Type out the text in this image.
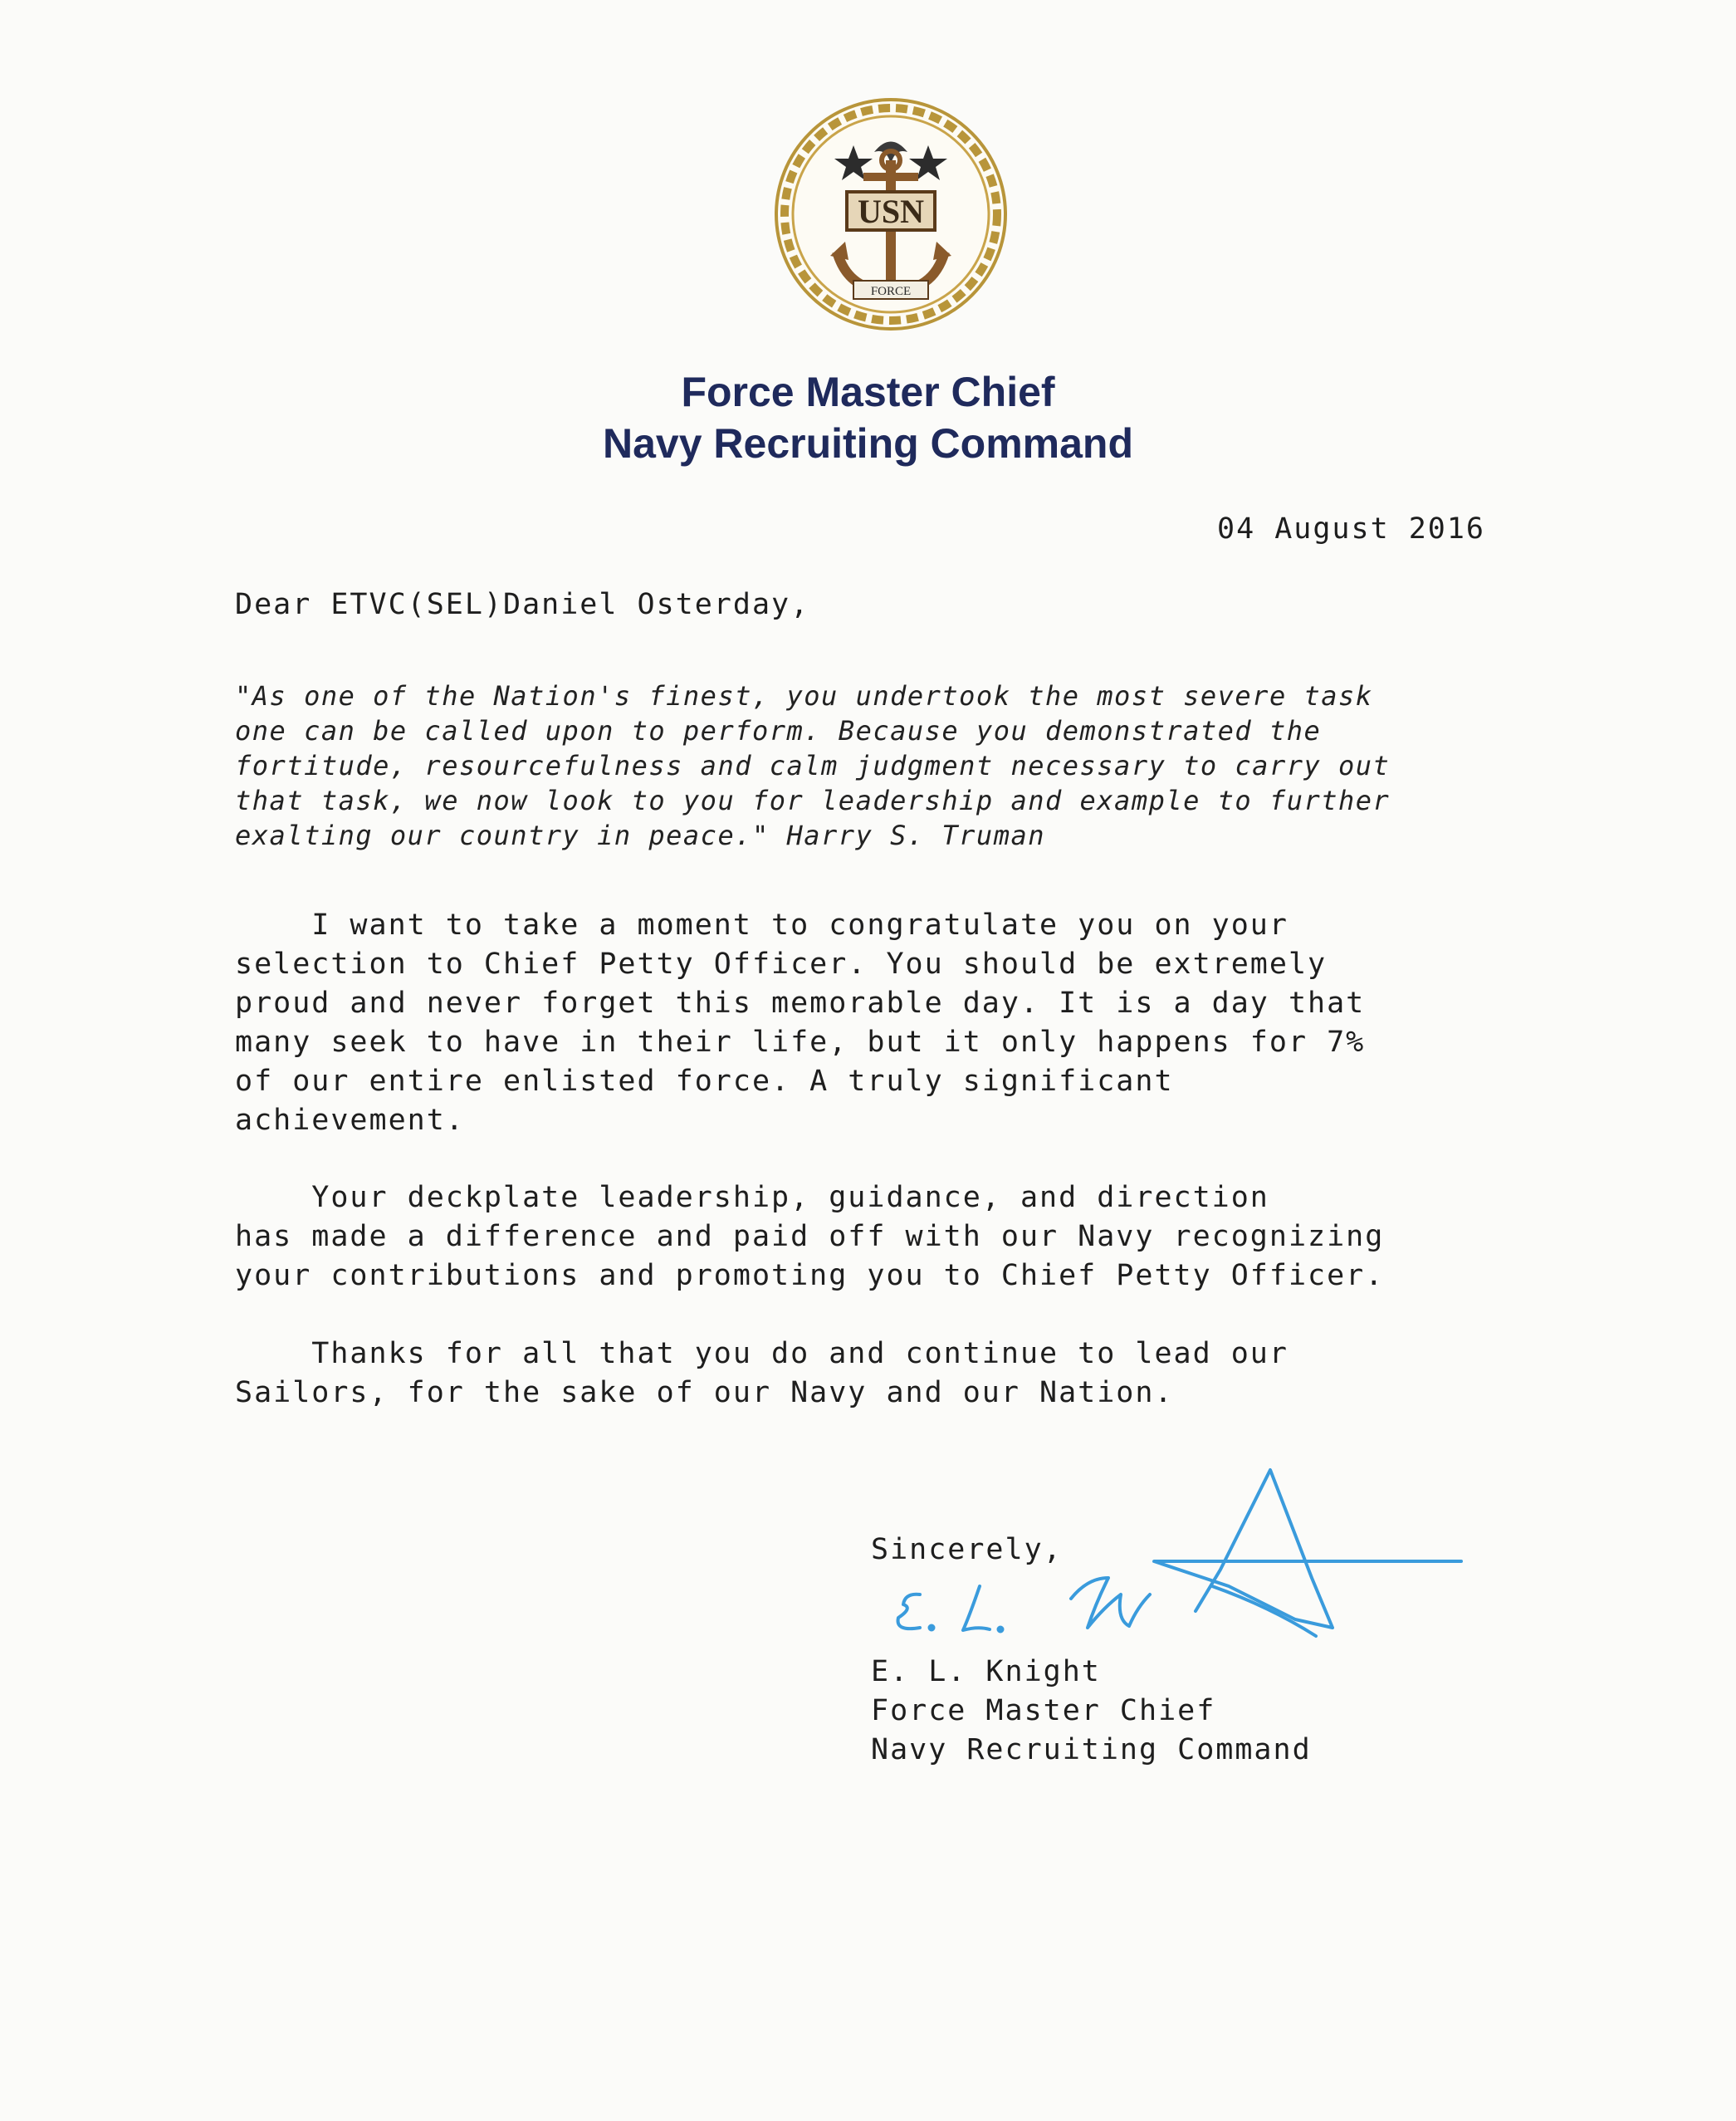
USN
FORCE
Force Master Chief
Navy Recruiting Command
04 August 2016
Dear ETVC(SEL)Daniel Osterday,
"As one of the Nation's finest, you undertook the most severe task
one can be called upon to perform. Because you demonstrated the
fortitude, resourcefulness and calm judgment necessary to carry out
that task, we now look to you for leadership and example to further
exalting our country in peace." Harry S. Truman
I want to take a moment to congratulate you on your
selection to Chief Petty Officer. You should be extremely
proud and never forget this memorable day. It is a day that
many seek to have in their life, but it only happens for 7%
of our entire enlisted force. A truly significant
achievement.
Your deckplate leadership, guidance, and direction
has made a difference and paid off with our Navy recognizing
your contributions and promoting you to Chief Petty Officer.
Thanks for all that you do and continue to lead our
Sailors, for the sake of our Navy and our Nation.
Sincerely,
E. L. Knight
Force Master Chief
Navy Recruiting Command
